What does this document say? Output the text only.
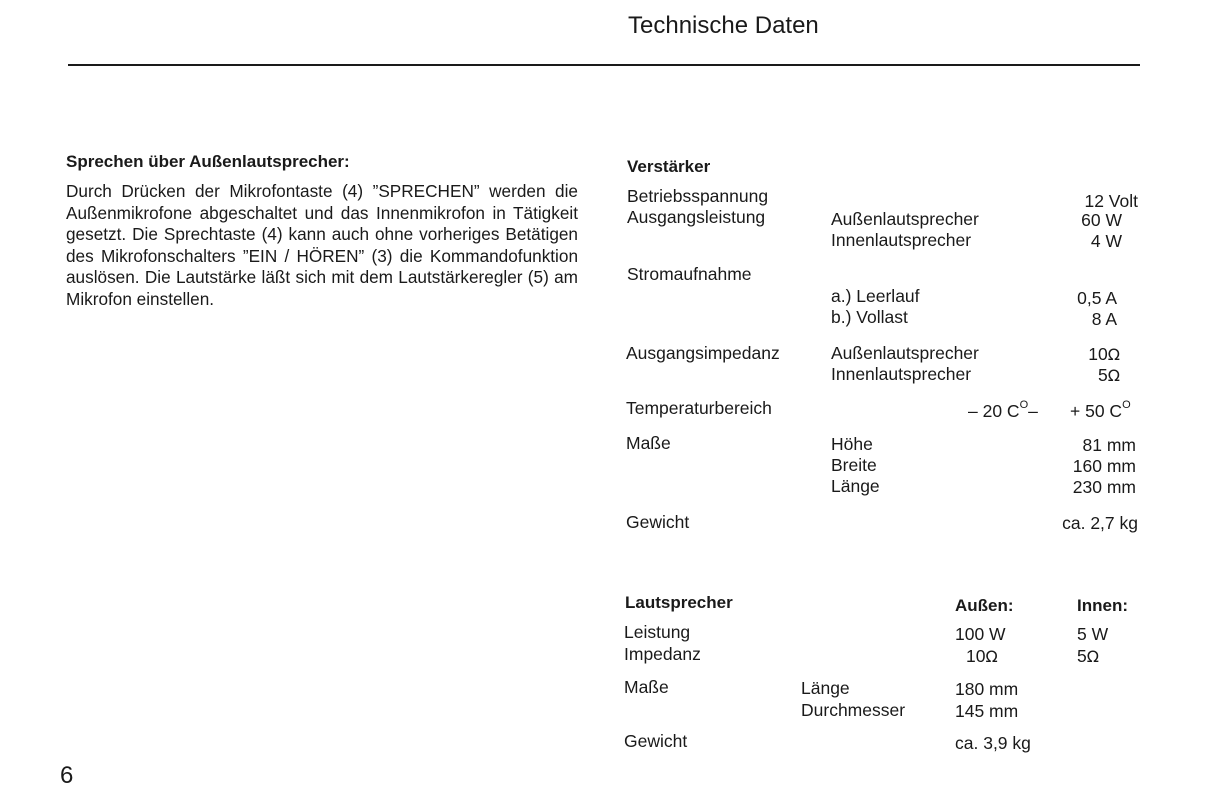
Technische Daten
Sprechen über Außenlautsprecher:
Durch Drücken der Mikrofontaste (4) ”SPRECHEN” werden die Außenmikrofone abgeschaltet und das Innenmikrofon in Tätigkeit gesetzt. Die Sprechtaste (4) kann auch ohne vorheriges Betätigen des Mikrofonschalters ”EIN / HÖREN” (3) die Kommandofunktion auslösen. Die Lautstärke läßt sich mit dem Lautstärkeregler (5) am Mikrofon einstellen.
Verstärker
Betriebsspannung	12 Volt
Ausgangsleistung	Außenlautsprecher	60 W
Innenlautsprecher	4 W
Stromaufnahme
a.) Leerlauf	0,5 A
b.) Vollast	8 A
Ausgangsimpedanz	Außenlautsprecher	10Ω
Innenlautsprecher	5Ω
Temperaturbereich	– 20 $C^O- + 50$ $C^O$
Maße	Höhe	81 mm
Breite	160 mm
Länge	230 mm
Gewicht	ca. 2,7 kg
Lautsprecher	Außen:	Innen:
Leistung	100 W	5 W
Impedanz	10Ω	5Ω
Maße	Länge	180 mm
Durchmesser	145 mm
Gewicht	ca. 3,9 kg
6
